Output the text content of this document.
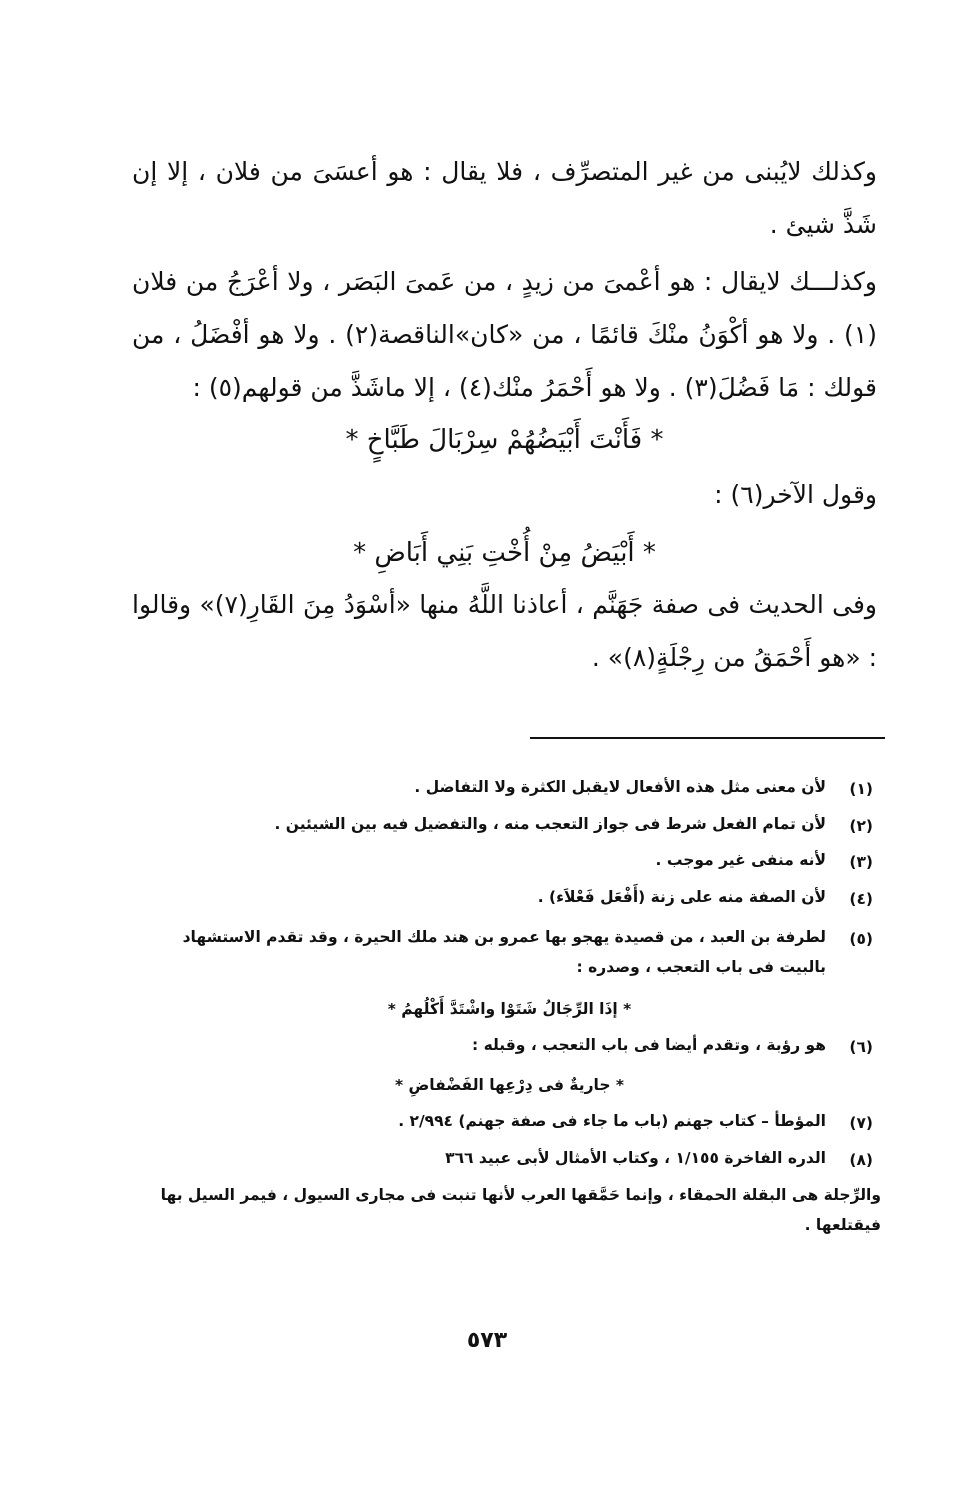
وكذلك لايُبنى من غير المتصرِّف ، فلا يقال : هو أعسَىَ من فلان ، إلا إن شَذَّ شيئ .

وكذلـــك لايقال : هو أعْمىَ من زيدٍ ، من عَمىَ البَصَر ، ولا أعْرَجُ من فلان (١) . ولا هو أكْوَنُ منْكَ قائمًا ، من «كان»الناقصة(٢) . ولا هو أفْضَلُ ، من قولك : مَا فَضُلَ(٣) . ولا هو أَحْمَرُ منْك(٤) ، إلا ماشَذَّ من قولهم(٥) :

* فَأَنْتَ أَبْيَضُهُمْ سِرْبَالَ طَبَّاخٍ *

وقول الآخر(٦) :

* أَبْيَضُ مِنْ أُخْتِ بَنِي أَبَاضِ *

وفى الحديث فى صفة جَهَنَّم ، أعاذنا اللَّهُ منها «أسْوَدُ مِنَ القَارِ(٧)» وقالوا : «هو أَحْمَقُ من رِجْلَةٍ(٨)» .

(١)
لأن معنى مثل هذه الأفعال لايقبل الكثرة ولا التفاضل .
(٢)
لأن تمام الفعل شرط فى جواز التعجب منه ، والتفضيل فيه بين الشيئين .
(٣)
لأنه منفى غير موجب .
(٤)
لأن الصفة منه على زنة (أَفْعَل فَعْلاَء) .
(٥)
لطرفة بن العبد ، من قصيدة يهجو بها عمرو بن هند ملك الحيرة ، وقد تقدم الاستشهاد بالبيت فى باب التعجب ، وصدره :
* إذَا الرِّجَالُ شَتَوْا واشْتَدَّ أَكْلُهمُ *
(٦)
هو رؤبة ، وتقدم أيضا فى باب التعجب ، وقبله :
* جاريةٌ فى دِرْعِها الفَضْفاضِ *
(٧)
المؤطأ – كتاب جهنم (باب ما جاء فى صفة جهنم) ٢/٩٩٤ .
(٨)
الدره الفاخرة ١/١٥٥ ، وكتاب الأمثال لأبى عبيد ٣٦٦
والرِّجلة هى البقلة الحمقاء ، وإنما حَمَّقها العرب لأنها تنبت فى مجارى السيول ، فيمر السيل بها فيقتلعها .
٥٧٣
